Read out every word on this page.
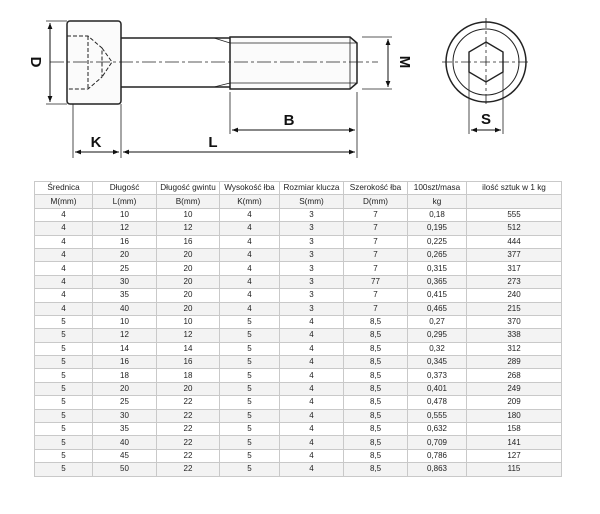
D	M
K	L
B	S
Średnica	Długość	Długość gwintu	Wysokość łba	Rozmiar klucza	Szerokość łba	100szt/masa	ilość sztuk w 1 kg
M(mm)	L(mm)	B(mm)	K(mm)	S(mm)	D(mm)	kg	
4	10	10	4	3	7	0,18	555
4	12	12	4	3	7	0,195	512
4	16	16	4	3	7	0,225	444
4	20	20	4	3	7	0,265	377
4	25	20	4	3	7	0,315	317
4	30	20	4	3	77	0,365	273
4	35	20	4	3	7	0,415	240
4	40	20	4	3	7	0,465	215
5	10	10	5	4	8,5	0,27	370
5	12	12	5	4	8,5	0,295	338
5	14	14	5	4	8,5	0,32	312
5	16	16	5	4	8,5	0,345	289
5	18	18	5	4	8,5	0,373	268
5	20	20	5	4	8,5	0,401	249
5	25	22	5	4	8,5	0,478	209
5	30	22	5	4	8,5	0,555	180
5	35	22	5	4	8,5	0,632	158
5	40	22	5	4	8,5	0,709	141
5	45	22	5	4	8,5	0,786	127
5	50	22	5	4	8,5	0,863	115
